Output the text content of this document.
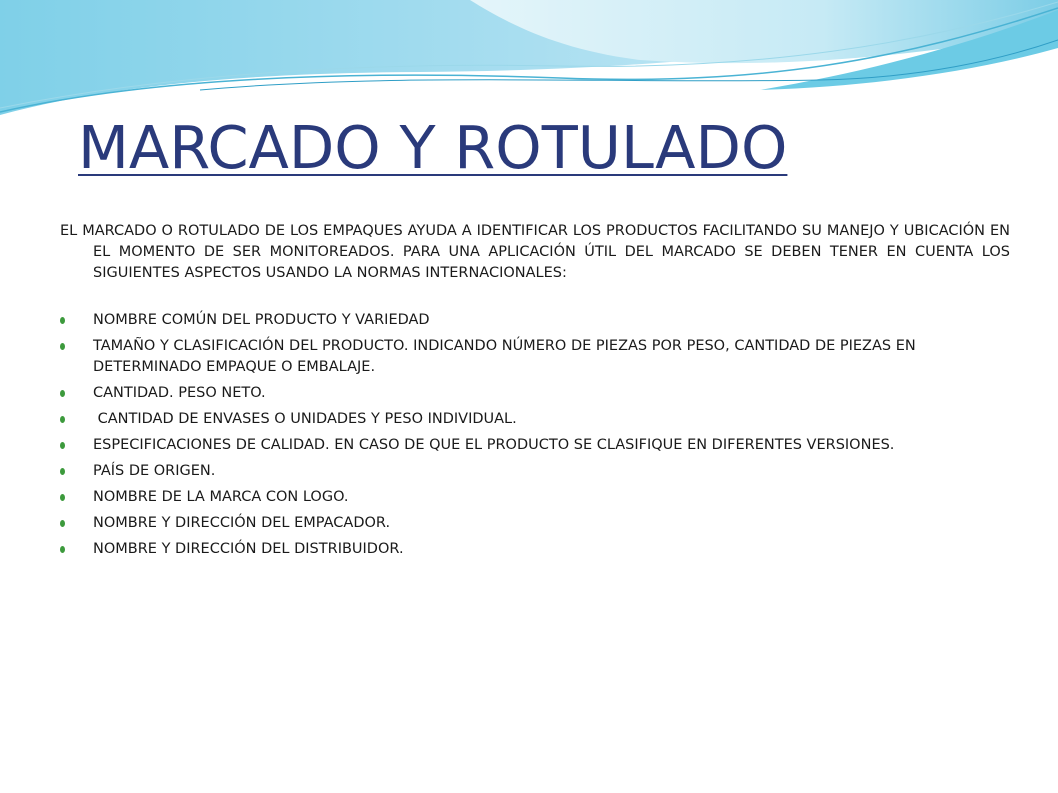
MARCADO Y ROTULADO

EL MARCADO O ROTULADO DE LOS EMPAQUES AYUDA A IDENTIFICAR LOS PRODUCTOS FACILITANDO SU MANEJO Y UBICACIÓN EN EL MOMENTO DE SER MONITOREADOS. PARA UNA APLICACIÓN ÚTIL DEL MARCADO SE DEBEN TENER EN CUENTA LOS SIGUIENTES ASPECTOS USANDO LA NORMAS INTERNACIONALES:

NOMBRE COMÚN DEL PRODUCTO Y VARIEDAD
TAMAÑO Y CLASIFICACIÓN DEL PRODUCTO. INDICANDO NÚMERO DE PIEZAS POR PESO, CANTIDAD DE PIEZAS EN DETERMINADO EMPAQUE O EMBALAJE.
CANTIDAD. PESO NETO.
CANTIDAD DE ENVASES O UNIDADES Y PESO INDIVIDUAL.
ESPECIFICACIONES DE CALIDAD. EN CASO DE QUE EL PRODUCTO SE CLASIFIQUE EN DIFERENTES VERSIONES.
PAÍS DE ORIGEN.
NOMBRE DE LA MARCA CON LOGO.
NOMBRE Y DIRECCIÓN DEL EMPACADOR.
NOMBRE Y DIRECCIÓN DEL DISTRIBUIDOR.
